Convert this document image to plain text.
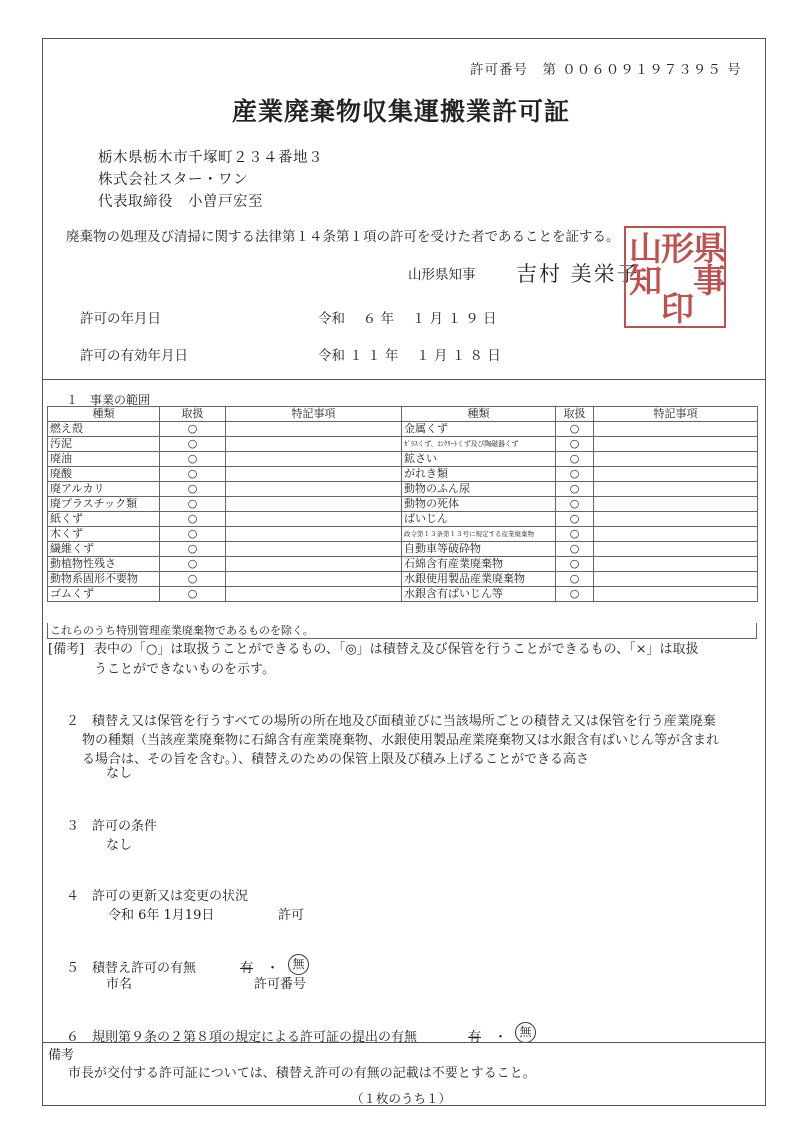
許可番号　第 ００６０９１９７３９５ 号
産業廃棄物収集運搬業許可証
栃木県栃木市千塚町２３４番地３
株式会社スター・ワン
代表取締役　小曽戸宏至
廃棄物の処理及び清掃に関する法律第１４条第１項の許可を受けた者であることを証する。
山形県知事 吉村 美栄子
県
形
山
事
知
印
許可の年月日	令和　 ６ 年　 １ 月 １ ９ 日
許可の有効年月日	令和 １ １ 年　 １ 月 １ ８ 日
１　事業の範囲
種類	取扱	特記事項	種類	取扱	特記事項
燃え殻	○		金属くず	○	
汚泥	○		ｶﾞﾗｽくず、ｺﾝｸﾘｰﾄくず及び陶磁器くず	○	
廃油	○		鉱さい	○	
廃酸	○		がれき類	○	
廃アルカリ	○		動物のふん尿	○	
廃プラスチック類	○		動物の死体	○	
紙くず	○		ばいじん	○	
木くず	○		政令第１３条第１３号に規定する産業廃棄物	○	
繊維くず	○		自動車等破砕物	○	
動植物性残さ	○		石綿含有産業廃棄物	○	
動物系固形不要物	○		水銀使用製品産業廃棄物	○	
ゴムくず	○		水銀含有ばいじん等	○	
これらのうち特別管理産業廃棄物であるものを除く。
[備考] 表中の「○」は取扱うことができるもの、「◎」は積替え及び保管を行うことができるもの、「×」は取扱
うことができないものを示す。
２　積替え又は保管を行うすべての場所の所在地及び面積並びに当該場所ごとの積替え又は保管を行う産業廃棄
物の種類（当該産業廃棄物に石綿含有産業廃棄物、水銀使用製品産業廃棄物又は水銀含有ばいじん等が含まれ
る場合は、その旨を含む。）、積替えのための保管上限及び積み上げることができる高さ
なし
３　許可の条件
なし
４　許可の更新又は変更の状況
令和 6年 1月19日	許可
５　積替え許可の有無	有 ・	無
市名	許可番号
６　規則第９条の２第８項の規定による許可証の提出の有無	有 ・	無
備考
市長が交付する許可証については、積替え許可の有無の記載は不要とすること。
（１枚のうち１）
